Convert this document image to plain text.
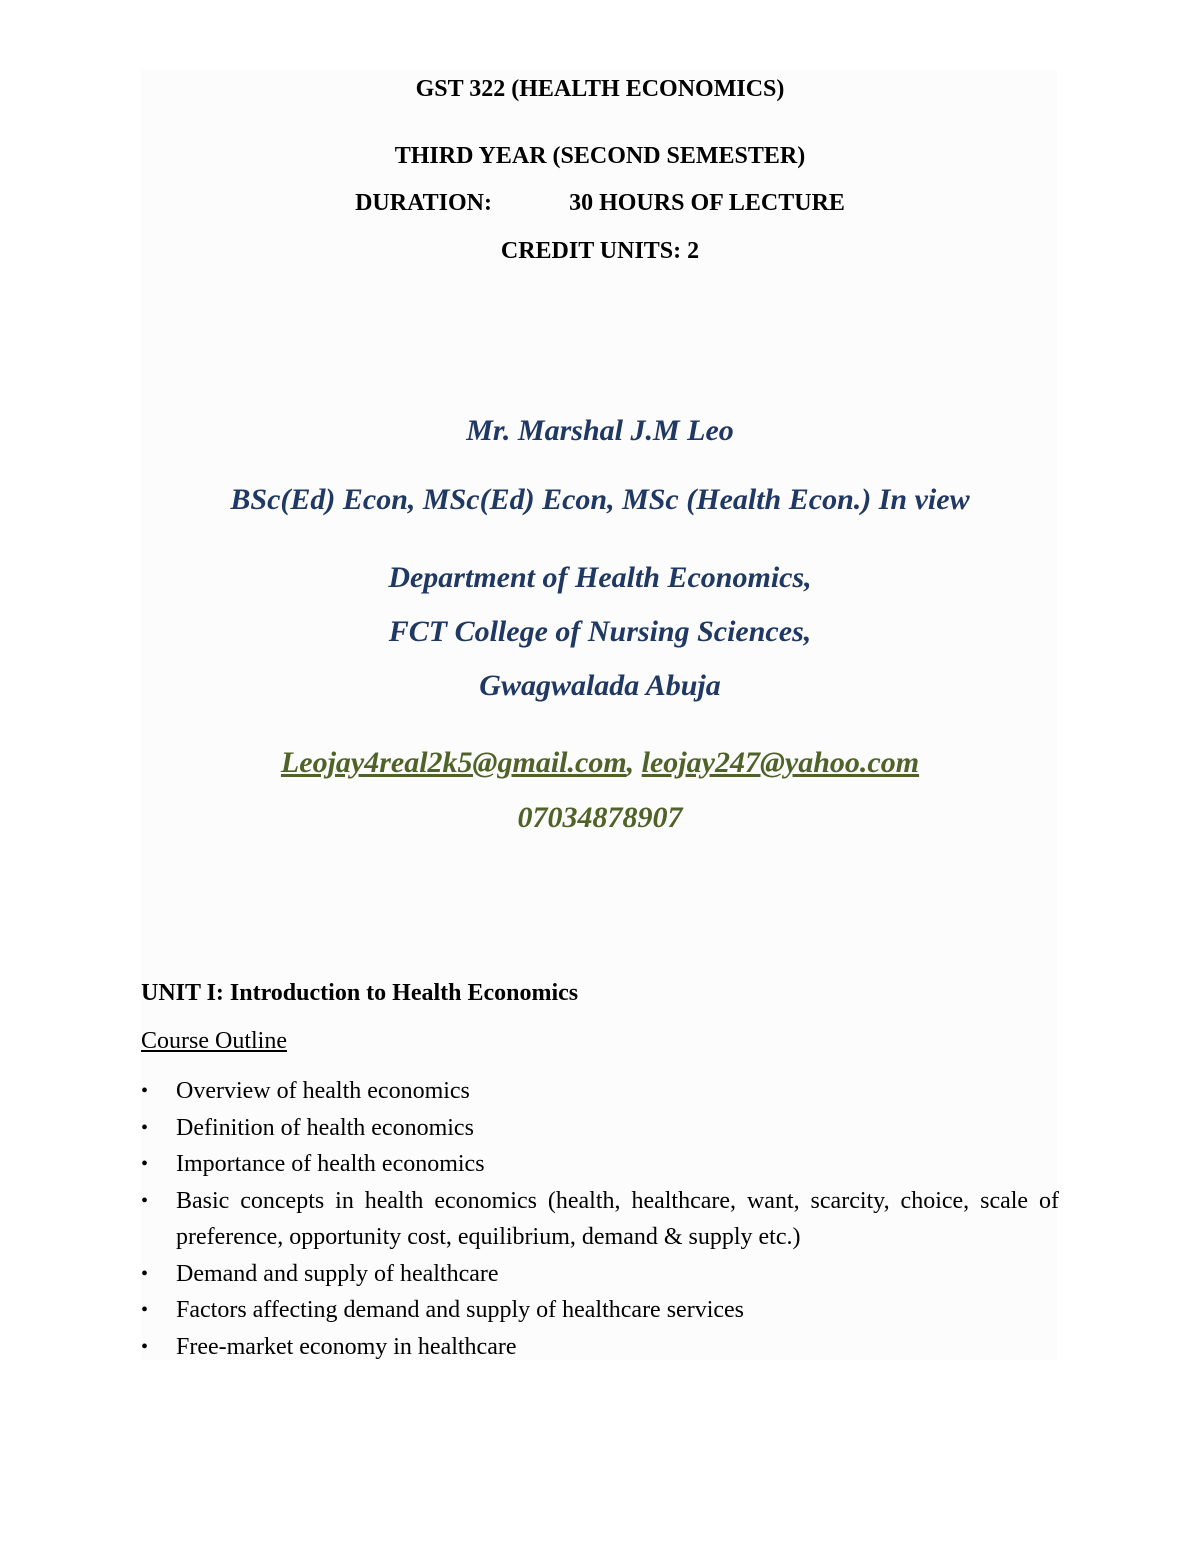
GST 322 (HEALTH ECONOMICS)
THIRD YEAR (SECOND SEMESTER)
DURATION:	30 HOURS OF LECTURE
CREDIT UNITS: 2
Mr. Marshal J.M Leo
BSc(Ed) Econ, MSc(Ed) Econ, MSc (Health Econ.) In view
Department of Health Economics,
FCT College of Nursing Sciences,
Gwagwalada Abuja
Leojay4real2k5@gmail.com, leojay247@yahoo.com
07034878907
UNIT I: Introduction to Health Economics
Course Outline
• Overview of health economics
• Definition of health economics
• Importance of health economics
• Basic concepts in health economics (health, healthcare, want, scarcity, choice, scale of preference, opportunity cost, equilibrium, demand & supply etc.)
• Demand and supply of healthcare
• Factors affecting demand and supply of healthcare services
• Free-market economy in healthcare
